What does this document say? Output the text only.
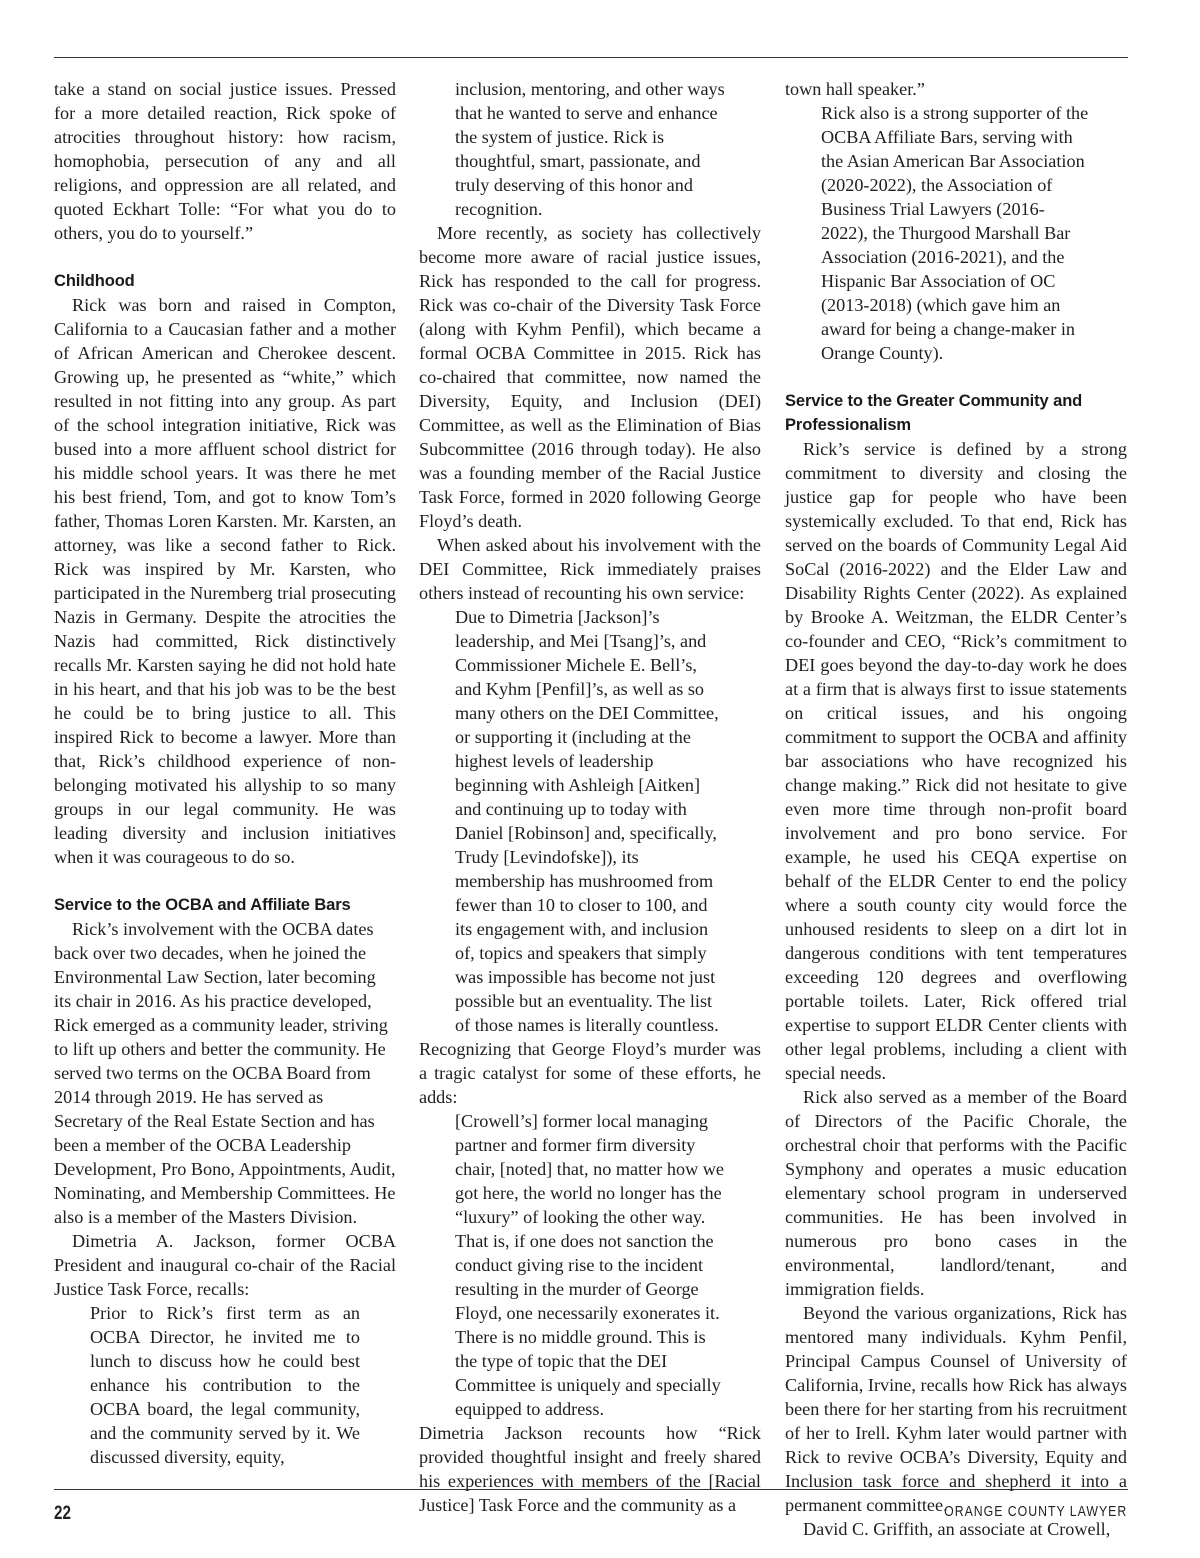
take a stand on social justice issues. Pressed for a more detailed reaction, Rick spoke of atrocities throughout history: how racism, homophobia, persecution of any and all religions, and oppression are all related, and quoted Eckhart Tolle: “For what you do to others, you do to yourself.”

Childhood

Rick was born and raised in Compton, California to a Caucasian father and a mother of African American and Cherokee descent. Growing up, he presented as “white,” which resulted in not fitting into any group. As part of the school integration initiative, Rick was bused into a more affluent school district for his middle school years. It was there he met his best friend, Tom, and got to know Tom’s father, Thomas Loren Karsten. Mr. Karsten, an attorney, was like a second father to Rick. Rick was inspired by Mr. Karsten, who participated in the Nuremberg trial prosecuting Nazis in Germany. Despite the atrocities the Nazis had committed, Rick distinctively recalls Mr. Karsten saying he did not hold hate in his heart, and that his job was to be the best he could be to bring justice to all. This inspired Rick to become a lawyer. More than that, Rick’s childhood experience of non-belonging motivated his allyship to so many groups in our legal community. He was leading diversity and inclusion initiatives when it was courageous to do so.

Service to the OCBA and Affiliate Bars

Rick’s involvement with the OCBA dates back over two decades, when he joined the Environmental Law Section, later becoming its chair in 2016. As his practice developed, Rick emerged as a community leader, striving to lift up others and better the community. He served two terms on the OCBA Board from 2014 through 2019. He has served as Secretary of the Real Estate Section and has been a member of the OCBA Leadership Development, Pro Bono, Appointments, Audit, Nominating, and Membership Committees. He also is a member of the Masters Division.

Dimetria A. Jackson, former OCBA President and inaugural co-chair of the Racial Justice Task Force, recalls:

Prior to Rick’s first term as an OCBA Director, he invited me to lunch to discuss how he could best enhance his contribution to the OCBA board, the legal community, and the community served by it. We discussed diversity, equity,

inclusion, mentoring, and other ways that he wanted to serve and enhance the system of justice. Rick is thoughtful, smart, passionate, and truly deserving of this honor and recognition.

More recently, as society has collectively become more aware of racial justice issues, Rick has responded to the call for progress. Rick was co-chair of the Diversity Task Force (along with Kyhm Penfil), which became a formal OCBA Committee in 2015. Rick has co-chaired that committee, now named the Diversity, Equity, and Inclusion (DEI) Committee, as well as the Elimination of Bias Subcommittee (2016 through today). He also was a founding member of the Racial Justice Task Force, formed in 2020 following George Floyd’s death.

When asked about his involvement with the DEI Committee, Rick immediately praises others instead of recounting his own service:

Due to Dimetria [Jackson]’s leadership, and Mei [Tsang]’s, and Commissioner Michele E. Bell’s, and Kyhm [Penfil]’s, as well as so many others on the DEI Committee, or supporting it (including at the highest levels of leadership beginning with Ashleigh [Aitken] and continuing up to today with Daniel [Robinson] and, specifically, Trudy [Levindofske]), its membership has mushroomed from fewer than 10 to closer to 100, and its engagement with, and inclusion of, topics and speakers that simply was impossible has become not just possible but an eventuality. The list of those names is literally countless.

Recognizing that George Floyd’s murder was a tragic catalyst for some of these efforts, he adds:

[Crowell’s] former local managing partner and former firm diversity chair, [noted] that, no matter how we got here, the world no longer has the “luxury” of looking the other way. That is, if one does not sanction the conduct giving rise to the incident resulting in the murder of George Floyd, one necessarily exonerates it. There is no middle ground. This is the type of topic that the DEI Committee is uniquely and specially equipped to address.

Dimetria Jackson recounts how “Rick provided thoughtful insight and freely shared his experiences with members of the [Racial Justice] Task Force and the community as a

town hall speaker.”

Rick also is a strong supporter of the OCBA Affiliate Bars, serving with the Asian American Bar Association (2020-2022), the Association of Business Trial Lawyers (2016-2022), the Thurgood Marshall Bar Association (2016-2021), and the Hispanic Bar Association of OC (2013-2018) (which gave him an award for being a change-maker in Orange County).

Service to the Greater Community and Professionalism

Rick’s service is defined by a strong commitment to diversity and closing the justice gap for people who have been systemically excluded. To that end, Rick has served on the boards of Community Legal Aid SoCal (2016-2022) and the Elder Law and Disability Rights Center (2022). As explained by Brooke A. Weitzman, the ELDR Center’s co-founder and CEO, “Rick’s commitment to DEI goes beyond the day-to-day work he does at a firm that is always first to issue statements on critical issues, and his ongoing commitment to support the OCBA and affinity bar associations who have recognized his change making.” Rick did not hesitate to give even more time through non-profit board involvement and pro bono service. For example, he used his CEQA expertise on behalf of the ELDR Center to end the policy where a south county city would force the unhoused residents to sleep on a dirt lot in dangerous conditions with tent temperatures exceeding 120 degrees and overflowing portable toilets. Later, Rick offered trial expertise to support ELDR Center clients with other legal problems, including a client with special needs.

Rick also served as a member of the Board of Directors of the Pacific Chorale, the orchestral choir that performs with the Pacific Symphony and operates a music education elementary school program in underserved communities. He has been involved in numerous pro bono cases in the environmental, landlord/tenant, and immigration fields.

Beyond the various organizations, Rick has mentored many individuals. Kyhm Penfil, Principal Campus Counsel of University of California, Irvine, recalls how Rick has always been there for her starting from his recruitment of her to Irell. Kyhm later would partner with Rick to revive OCBA’s Diversity, Equity and Inclusion task force and shepherd it into a permanent committee.

David C. Griffith, an associate at Crowell,

22	ORANGE COUNTY LAWYER
